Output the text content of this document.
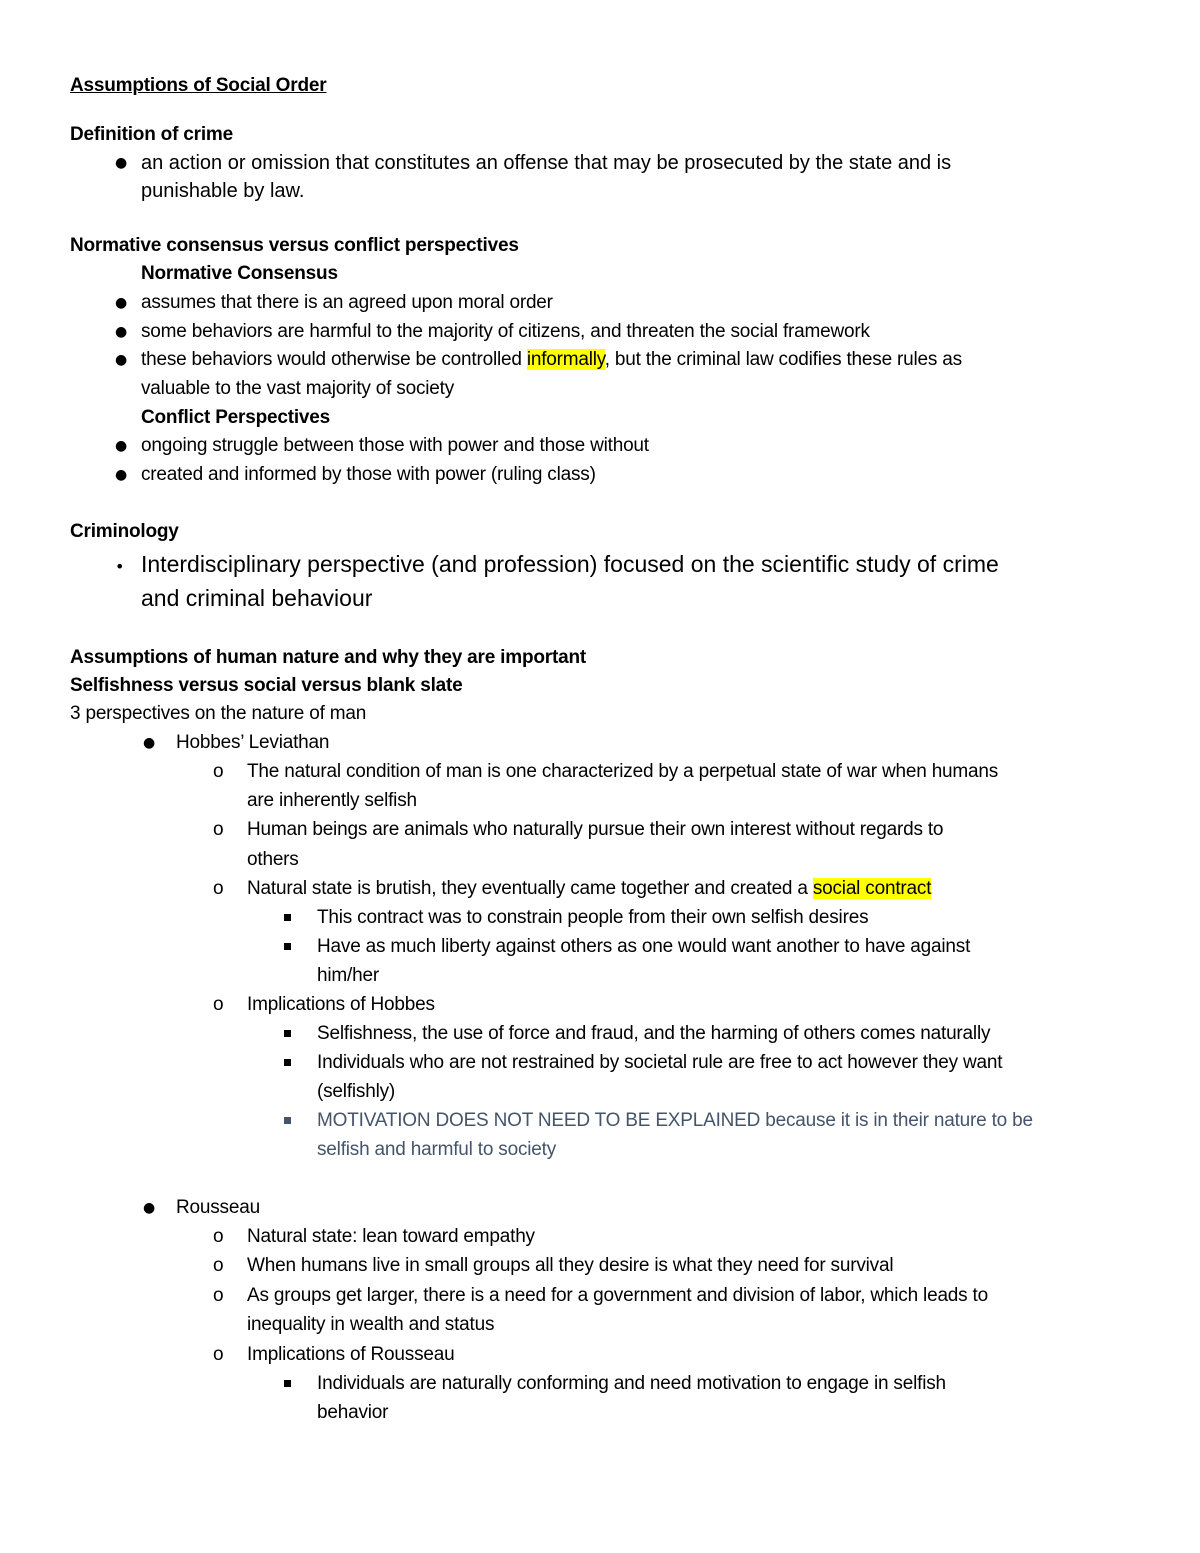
Assumptions of Social Order
Definition of crime
● an action or omission that constitutes an offense that may be prosecuted by the state and is
punishable by law.
Normative consensus versus conflict perspectives
Normative Consensus
● assumes that there is an agreed upon moral order
● some behaviors are harmful to the majority of citizens, and threaten the social framework
● these behaviors would otherwise be controlled informally, but the criminal law codifies these rules as
valuable to the vast majority of society
Conflict Perspectives
● ongoing struggle between those with power and those without
● created and informed by those with power (ruling class)
Criminology
• Interdisciplinary perspective (and profession) focused on the scientific study of crime
and criminal behaviour
Assumptions of human nature and why they are important
Selfishness versus social versus blank slate
3 perspectives on the nature of man
● Hobbes’ Leviathan
o The natural condition of man is one characterized by a perpetual state of war when humans
are inherently selfish
o Human beings are animals who naturally pursue their own interest without regards to
others
o Natural state is brutish, they eventually came together and created a social contract
This contract was to constrain people from their own selfish desires
Have as much liberty against others as one would want another to have against
him/her
o Implications of Hobbes
Selfishness, the use of force and fraud, and the harming of others comes naturally
Individuals who are not restrained by societal rule are free to act however they want
(selfishly)
MOTIVATION DOES NOT NEED TO BE EXPLAINED because it is in their nature to be
selfish and harmful to society
● Rousseau
o Natural state: lean toward empathy
o When humans live in small groups all they desire is what they need for survival
o As groups get larger, there is a need for a government and division of labor, which leads to
inequality in wealth and status
o Implications of Rousseau
Individuals are naturally conforming and need motivation to engage in selfish
behavior
